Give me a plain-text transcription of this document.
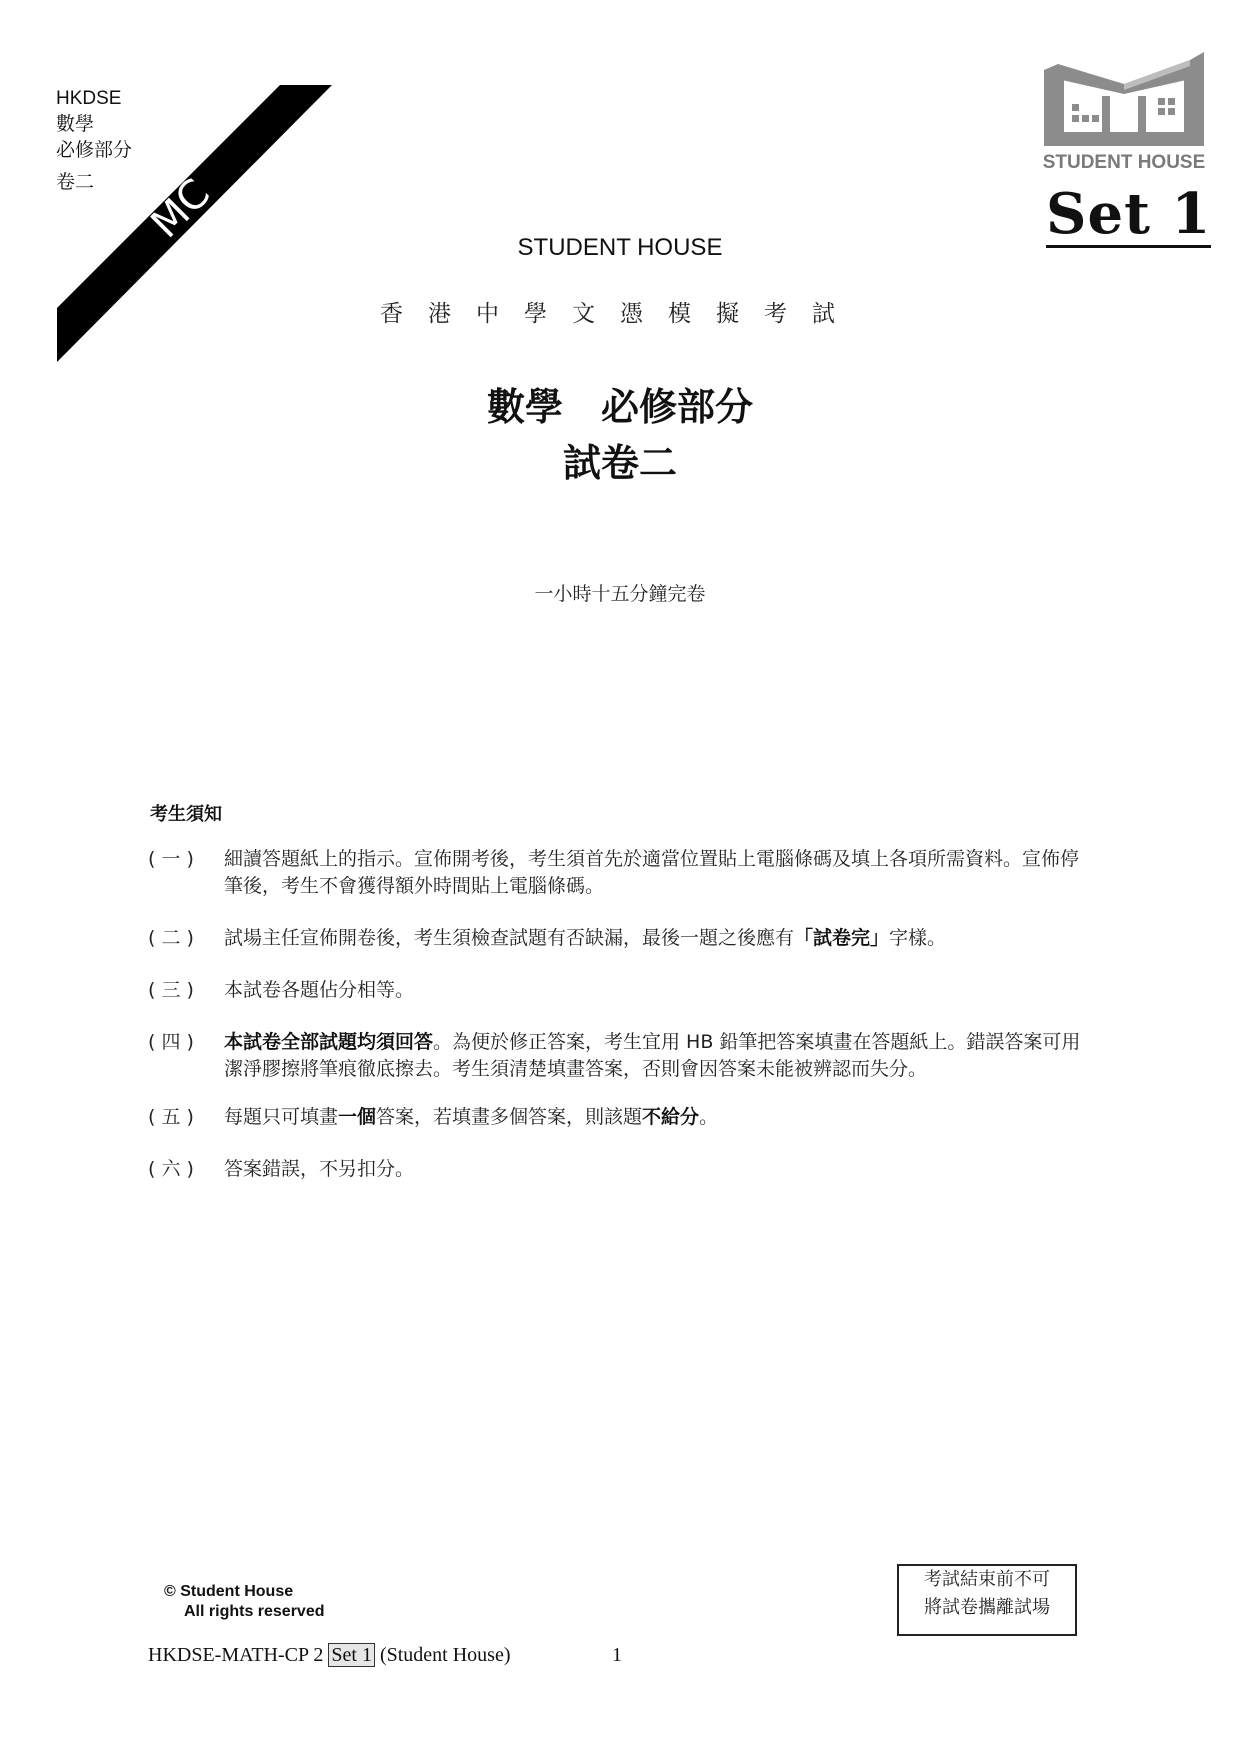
HKDSE
數學
必修部分
卷二	MC
STUDENT HOUSE
Set 1
STUDENT HOUSE
香港中學文憑模擬考試
數學　必修部分
試卷二
一小時十五分鐘完卷
考生須知
( 一 )	細讀答題紙上的指示。宣佈開考後，考生須首先於適當位置貼上電腦條碼及填上各項所需資料。宣佈停筆後，考生不會獲得額外時間貼上電腦條碼。
( 二 )	試場主任宣佈開卷後，考生須檢查試題有否缺漏，最後一題之後應有「試卷完」字樣。
( 三 )	本試卷各題佔分相等。
( 四 )	本試卷全部試題均須回答。為便於修正答案，考生宜用 HB 鉛筆把答案填畫在答題紙上。錯誤答案可用潔淨膠擦將筆痕徹底擦去。考生須清楚填畫答案，否則會因答案未能被辨認而失分。
( 五 )	每題只可填畫一個答案，若填畫多個答案，則該題不給分。
( 六 )	答案錯誤，不另扣分。
© Student House
All rights reserved
考試結束前不可
將試卷攜離試場
HKDSE-MATH-CP 2 Set 1 (Student House)	1
